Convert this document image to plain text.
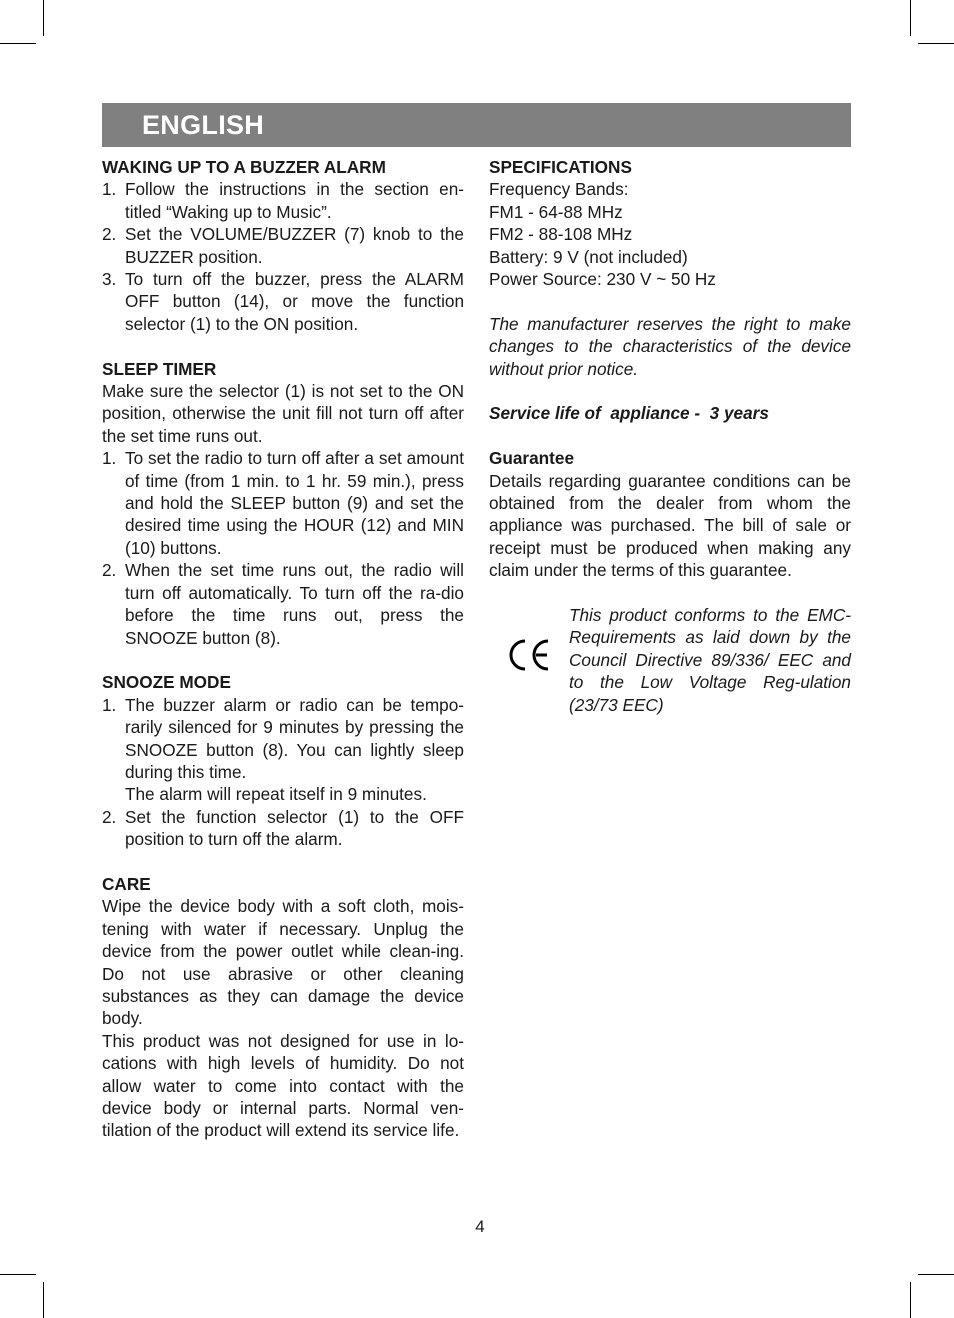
ENGLISH
WAKING UP TO A BUZZER ALARM
1. Follow the instructions in the section en-titled “Waking up to Music”.
2. Set the VOLUME/BUZZER (7) knob to the BUZZER position.
3. To turn off the buzzer, press the ALARM OFF button (14), or move the function selector (1) to the ON position.
SLEEP TIMER
Make sure the selector (1) is not set to the ON position, otherwise the unit fill not turn off after the set time runs out.
1. To set the radio to turn off after a set amount of time (from 1 min. to 1 hr. 59 min.), press and hold the SLEEP button (9) and set the desired time using the HOUR (12) and MIN (10) buttons.
2. When the set time runs out, the radio will turn off automatically. To turn off the ra-dio before the time runs out, press the SNOOZE button (8).
SNOOZE MODE
1. The buzzer alarm or radio can be tempo-rarily silenced for 9 minutes by pressing the SNOOZE button (8). You can lightly sleep during this time.
The alarm will repeat itself in 9 minutes.
2. Set the function selector (1) to the OFF position to turn off the alarm.
CARE
Wipe the device body with a soft cloth, mois-tening with water if necessary. Unplug the device from the power outlet while clean-ing. Do not use abrasive or other cleaning substances as they can damage the device body.
This product was not designed for use in lo-cations with high levels of humidity. Do not allow water to come into contact with the device body or internal parts. Normal ven-tilation of the product will extend its service life.
SPECIFICATIONS
Frequency Bands:
FM1 - 64-88 MHz
FM2 - 88-108 MHz
Battery: 9 V (not included)
Power Source: 230 V ~ 50 Hz
The manufacturer reserves the right to make changes to the characteristics of the device without prior notice.
Service life of  appliance -  3 years
Guarantee
Details regarding guarantee conditions can be obtained from the dealer from whom the appliance was purchased. The bill of sale or receipt must be produced when making any claim under the terms of this guarantee.
This product conforms to the EMC-Requirements as laid down by the Council Directive 89/336/ EEC and to the Low Voltage Reg-ulation (23/73 EEC)
4
